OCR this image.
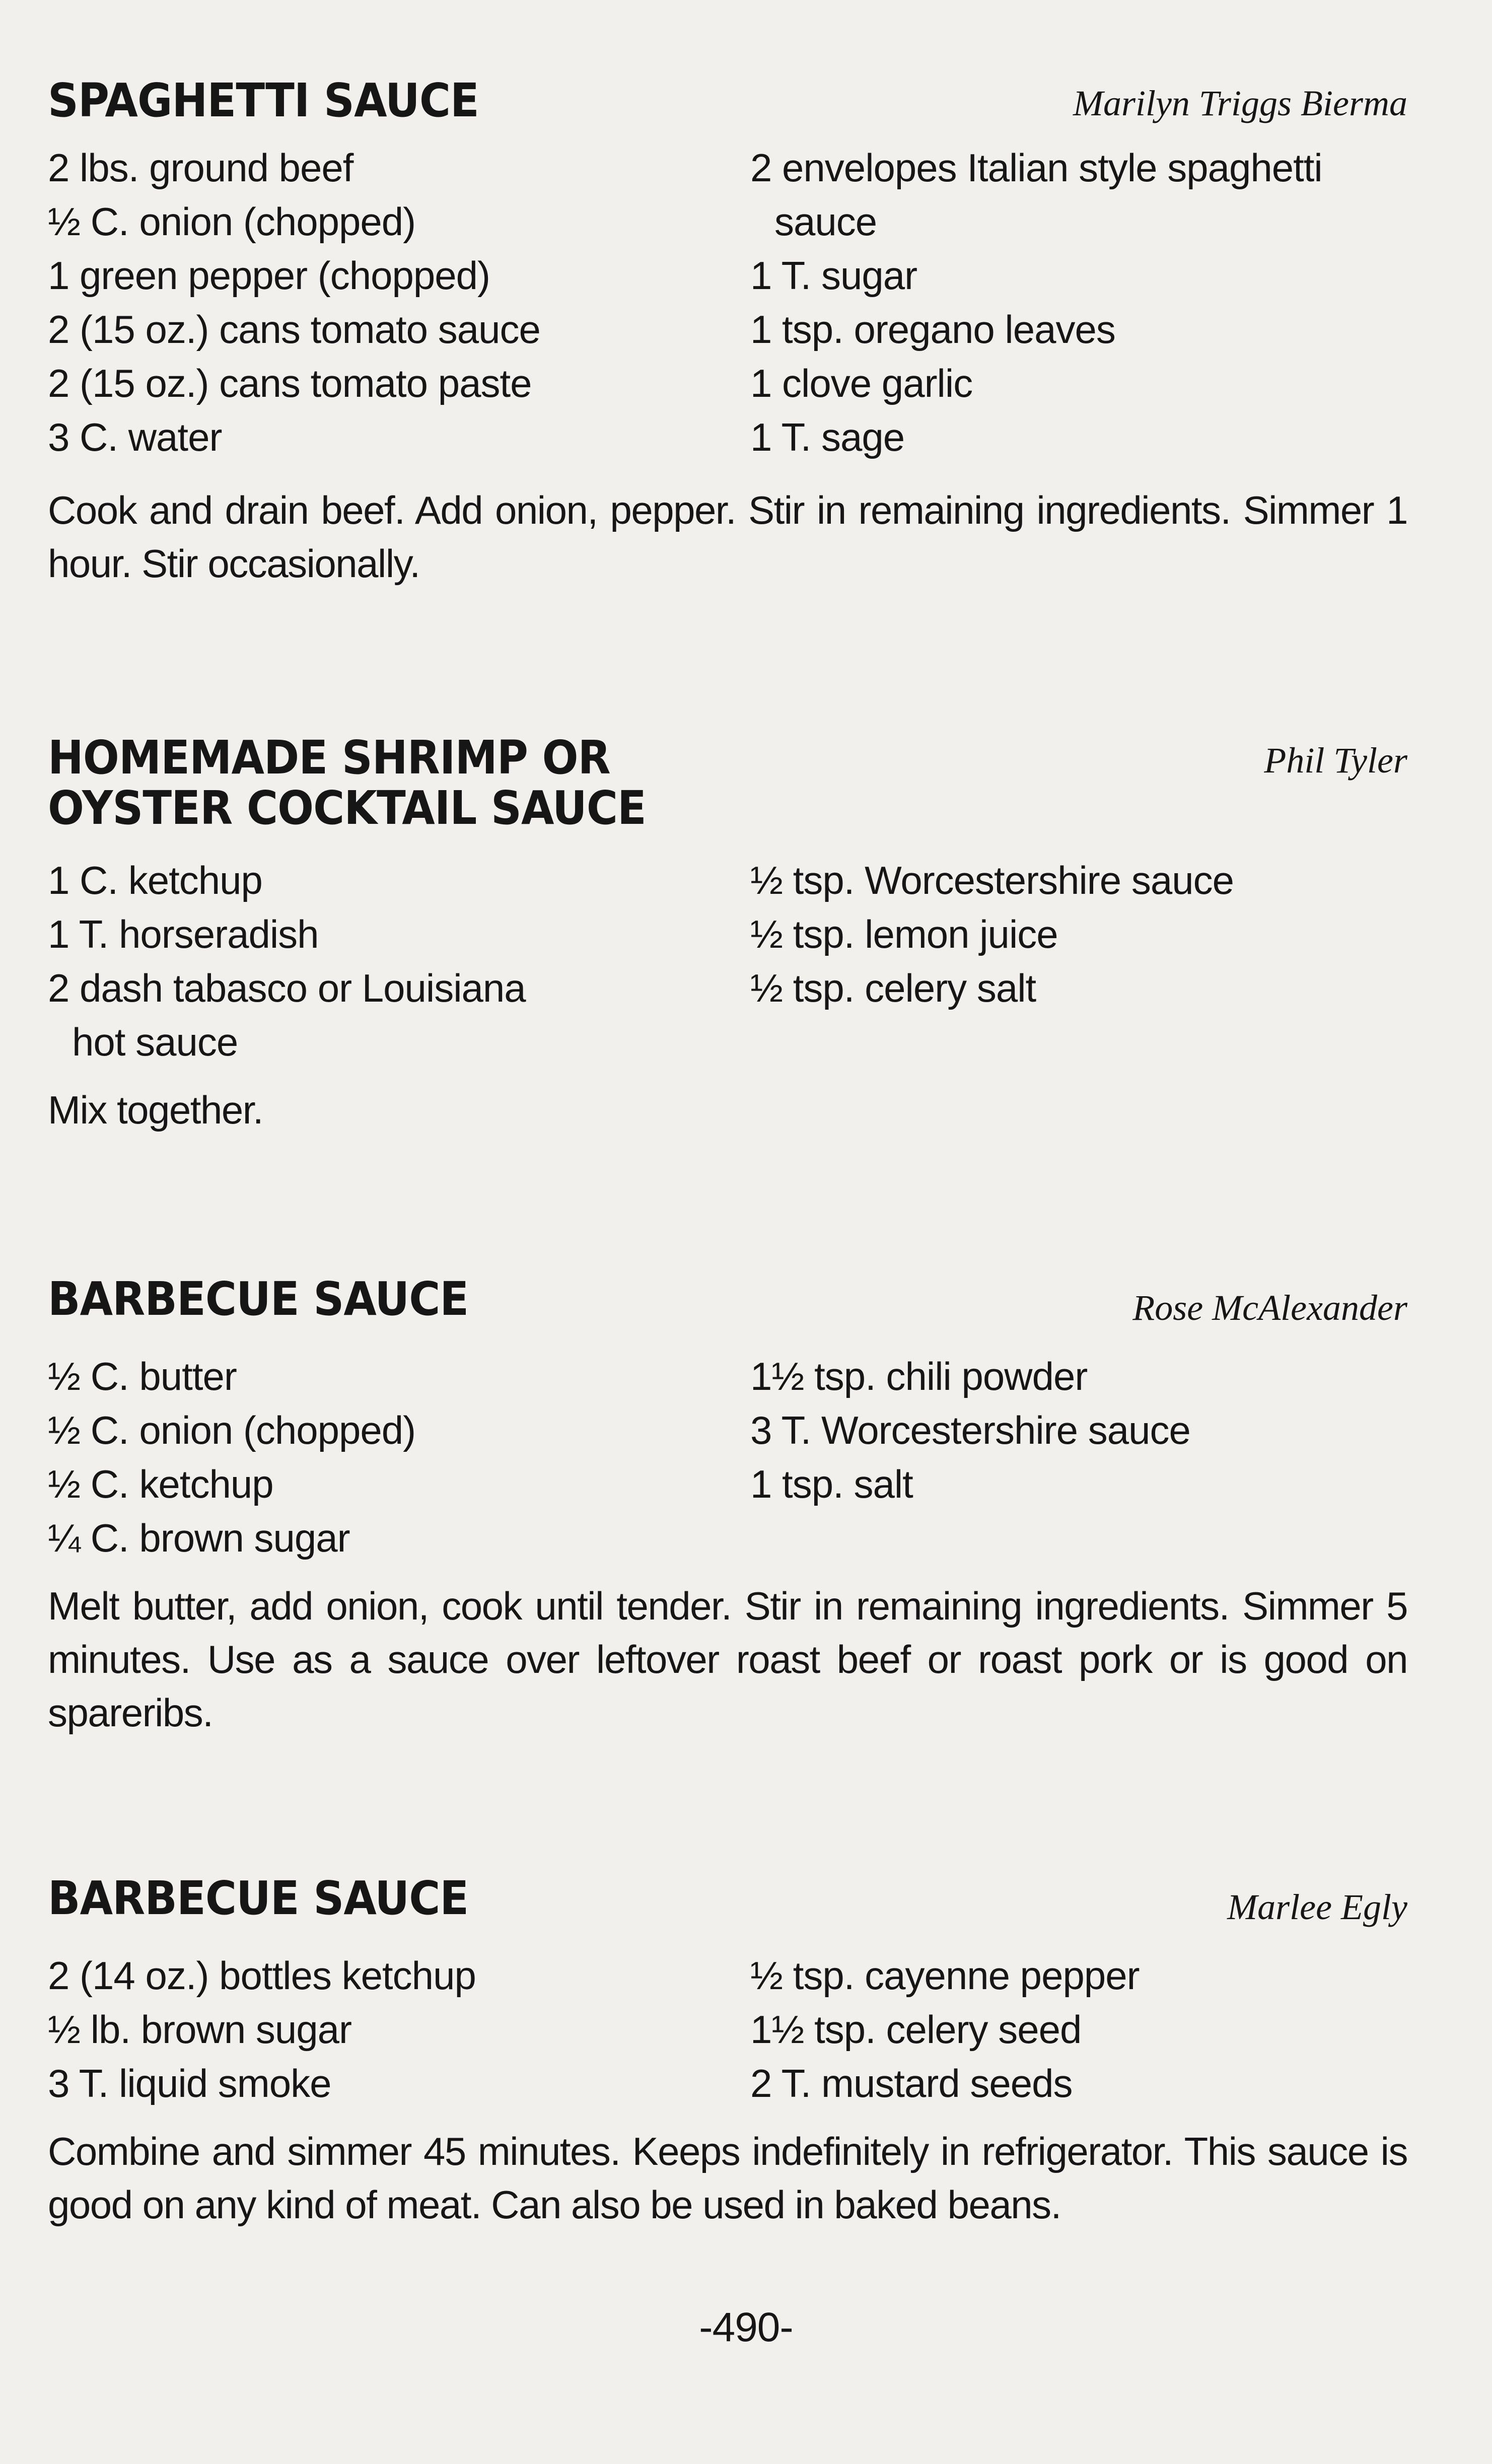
SPAGHETTI SAUCE	Marilyn Triggs Bierma
2 lbs. ground beef
½ C. onion (chopped)
1 green pepper (chopped)
2 (15 oz.) cans tomato sauce
2 (15 oz.) cans tomato paste
3 C. water
2 envelopes Italian style spaghetti
sauce
1 T. sugar
1 tsp. oregano leaves
1 clove garlic
1 T. sage

Cook and drain beef. Add onion, pepper. Stir in remaining ingredients. Simmer 1 hour. Stir occasionally.

HOMEMADE SHRIMP OR
OYSTER COCKTAIL SAUCE
Phil Tyler
1 C. ketchup
1 T. horseradish
2 dash tabasco or Louisiana
hot sauce
½ tsp. Worcestershire sauce
½ tsp. lemon juice
½ tsp. celery salt

Mix together.

BARBECUE SAUCE	Rose McAlexander
½ C. butter
½ C. onion (chopped)
½ C. ketchup
¼ C. brown sugar
1½ tsp. chili powder
3 T. Worcestershire sauce
1 tsp. salt

Melt butter, add onion, cook until tender. Stir in remaining ingredients. Simmer 5 minutes. Use as a sauce over leftover roast beef or roast pork or is good on spareribs.

BARBECUE SAUCE	Marlee Egly
2 (14 oz.) bottles ketchup
½ lb. brown sugar
3 T. liquid smoke
½ tsp. cayenne pepper
1½ tsp. celery seed
2 T. mustard seeds

Combine and simmer 45 minutes. Keeps indefinitely in refrigerator. This sauce is good on any kind of meat. Can also be used in baked beans.

-490-
